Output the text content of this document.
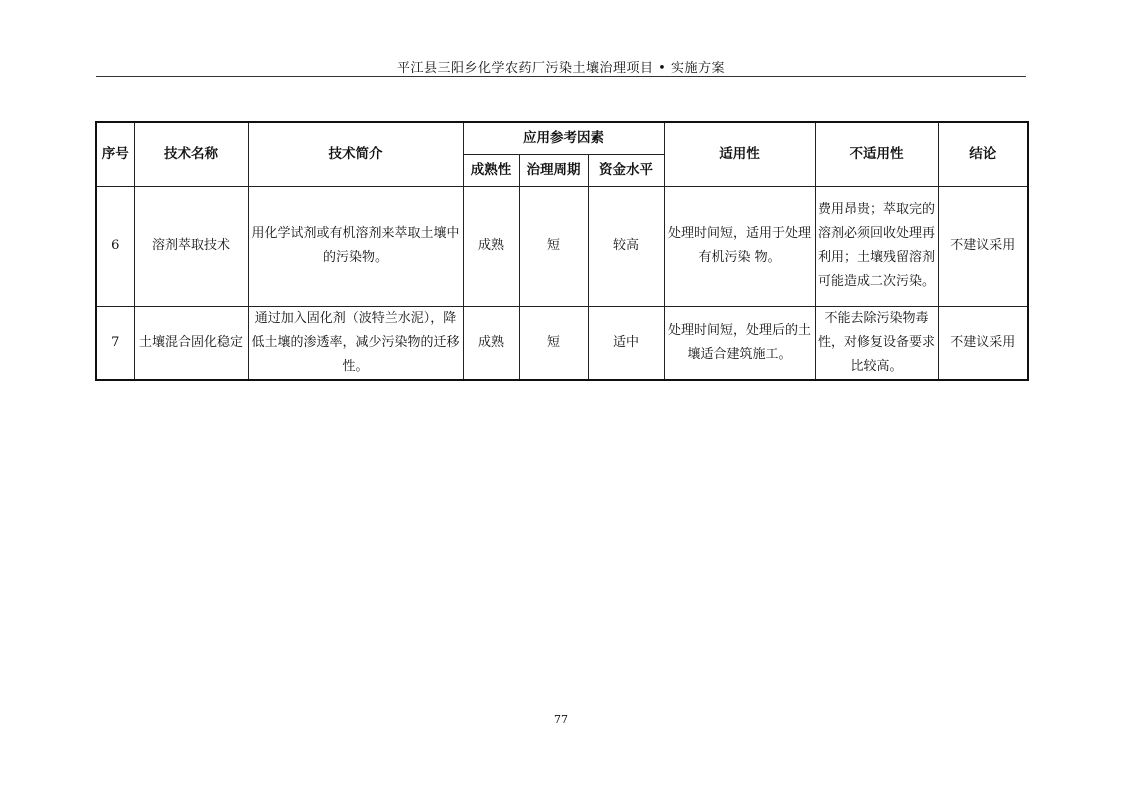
平江县三阳乡化学农药厂污染土壤治理项目 • 实施方案
序号	技术名称	技术简介	应用参考因素			适用性	不适用性	结论
			成熟性	治理周期	资金水平			
6	溶剂萃取技术	用化学试剂或有机溶剂来萃取土壤中的污染物。	成熟	短	较高	处理时间短，适用于处理有机污染 物。	费用昂贵；萃取完的溶剂必须回收处理再利用；土壤残留溶剂可能造成二次污染。	不建议采用
7	土壤混合固化稳定	通过加入固化剂（波特兰水泥），降低土壤的渗透率，减少污染物的迁移性。	成熟	短	适中	处理时间短，处理后的土壤适合建筑施工。	不能去除污染物毒性，对修复设备要求比较高。	不建议采用
77
